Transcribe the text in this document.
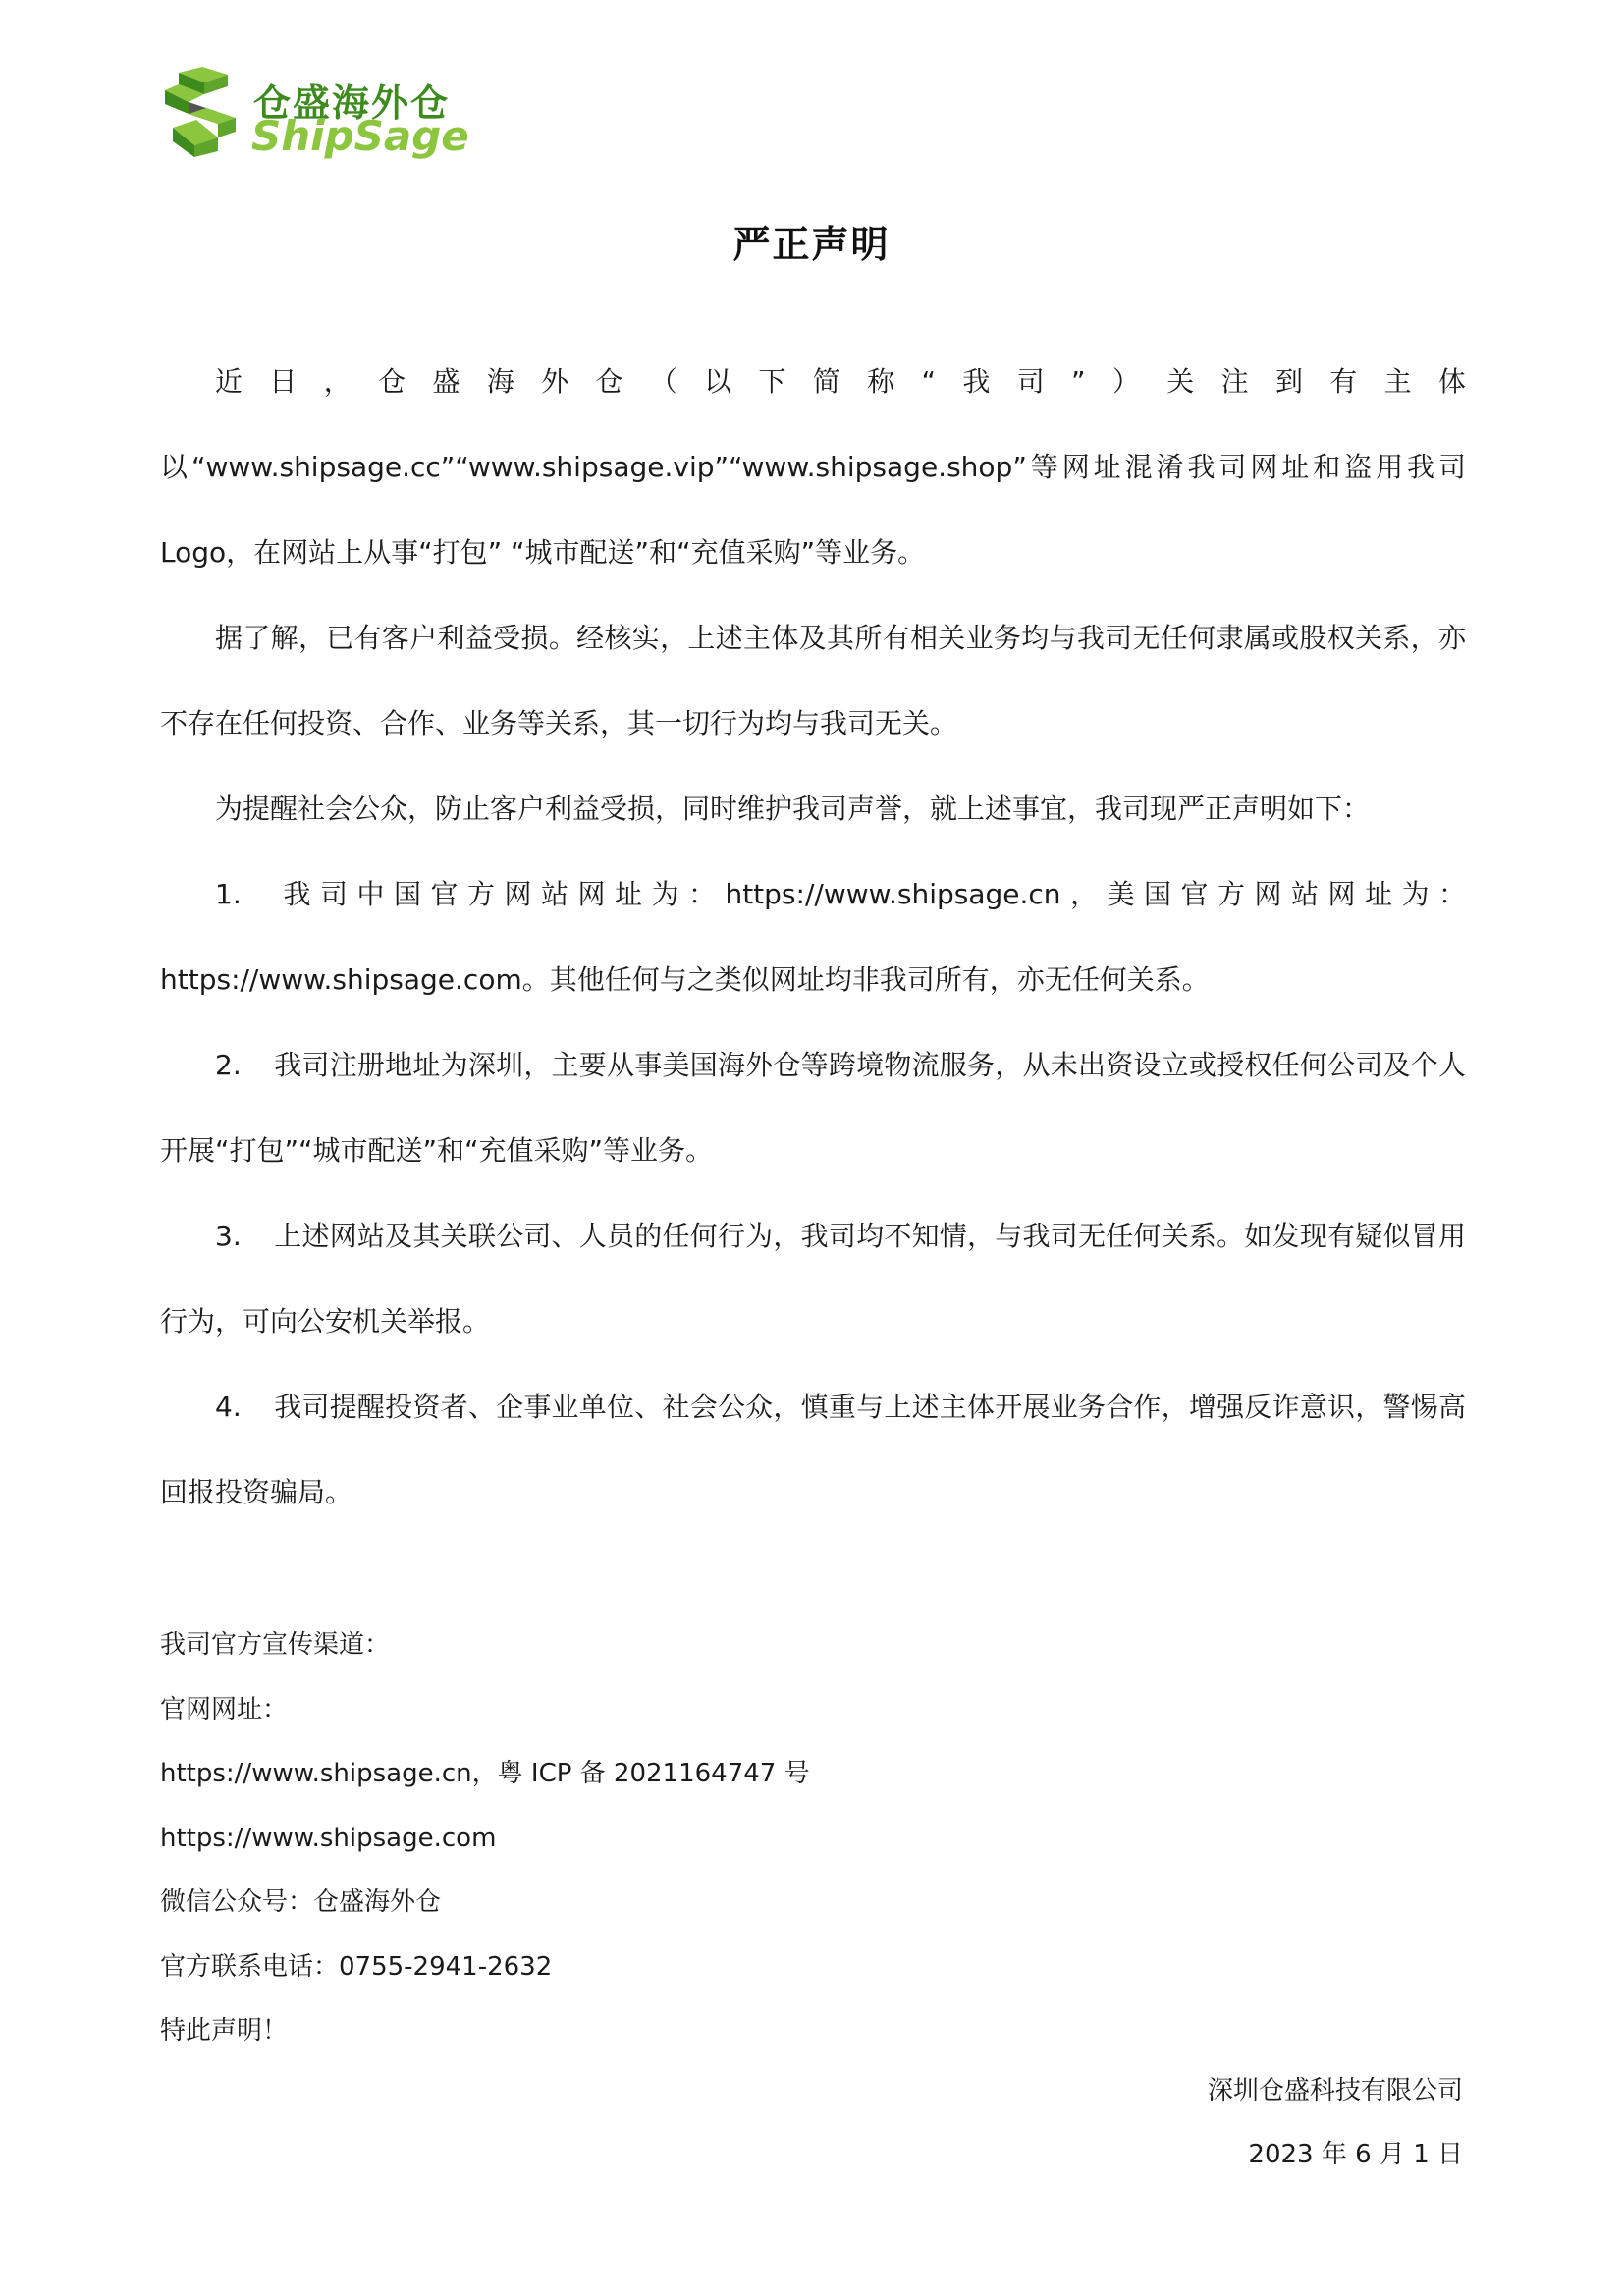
仓盛海外仓
ShipSage
严正声明

近日，仓盛海外仓（以下简称“我司”）关注到有主体以“www.shipsage.cc”“www.shipsage.vip”“www.shipsage.shop”等网址混淆我司网址和盗用我司 Logo，在网站上从事“打包” “城市配送”和“充值采购”等业务。

据了解，已有客户利益受损。经核实，上述主体及其所有相关业务均与我司无任何隶属或股权关系，亦不存在任何投资、合作、业务等关系，其一切行为均与我司无关。

为提醒社会公众，防止客户利益受损，同时维护我司声誉，就上述事宜，我司现严正声明如下：

1. 我司中国官方网站网址为：https://www.shipsage.cn，美国官方网站网址为：https://www.shipsage.com。其他任何与之类似网址均非我司所有，亦无任何关系。

2. 我司注册地址为深圳，主要从事美国海外仓等跨境物流服务，从未出资设立或授权任何公司及个人开展“打包”“城市配送”和“充值采购”等业务。

3. 上述网站及其关联公司、人员的任何行为，我司均不知情，与我司无任何关系。如发现有疑似冒用行为，可向公安机关举报。

4. 我司提醒投资者、企事业单位、社会公众，慎重与上述主体开展业务合作，增强反诈意识，警惕高回报投资骗局。

我司官方宣传渠道：
官网网址：
https://www.shipsage.cn，粤 ICP 备 2021164747 号
https://www.shipsage.com
微信公众号：仓盛海外仓
官方联系电话：0755-2941-2632
特此声明！
深圳仓盛科技有限公司
2023 年 6 月 1 日
